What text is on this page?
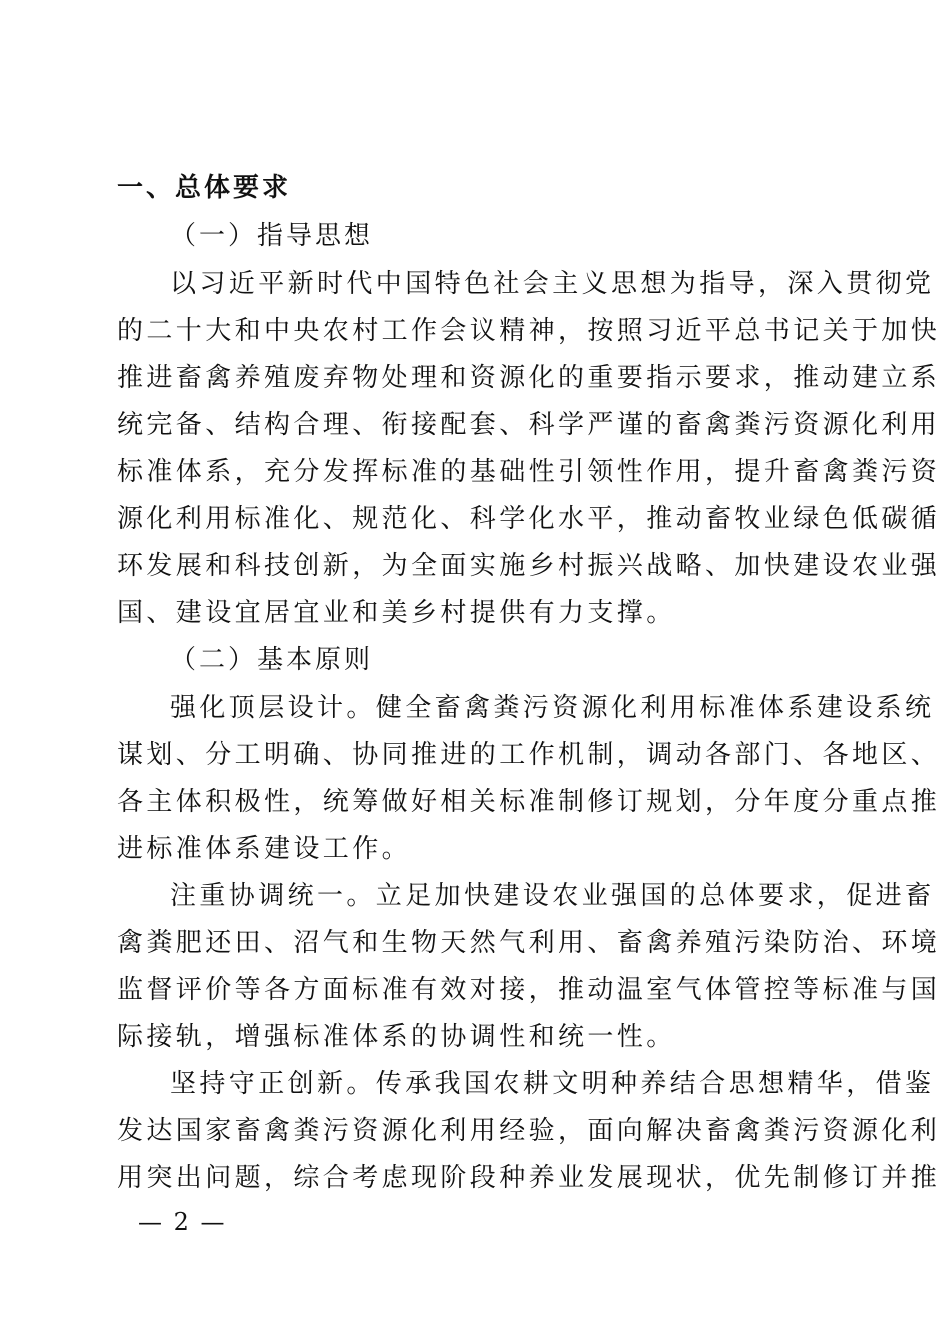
一、总体要求
（一）指导思想
以习近平新时代中国特色社会主义思想为指导，深入贯彻党
的二十大和中央农村工作会议精神，按照习近平总书记关于加快
推进畜禽养殖废弃物处理和资源化的重要指示要求，推动建立系
统完备、结构合理、衔接配套、科学严谨的畜禽粪污资源化利用
标准体系，充分发挥标准的基础性引领性作用，提升畜禽粪污资
源化利用标准化、规范化、科学化水平，推动畜牧业绿色低碳循
环发展和科技创新，为全面实施乡村振兴战略、加快建设农业强
国、建设宜居宜业和美乡村提供有力支撑。
（二）基本原则
强化顶层设计。健全畜禽粪污资源化利用标准体系建设系统
谋划、分工明确、协同推进的工作机制，调动各部门、各地区、
各主体积极性，统筹做好相关标准制修订规划，分年度分重点推
进标准体系建设工作。
注重协调统一。立足加快建设农业强国的总体要求，促进畜
禽粪肥还田、沼气和生物天然气利用、畜禽养殖污染防治、环境
监督评价等各方面标准有效对接，推动温室气体管控等标准与国
际接轨，增强标准体系的协调性和统一性。
坚持守正创新。传承我国农耕文明种养结合思想精华，借鉴
发达国家畜禽粪污资源化利用经验，面向解决畜禽粪污资源化利
用突出问题，综合考虑现阶段种养业发展现状，优先制修订并推
— 2 —
